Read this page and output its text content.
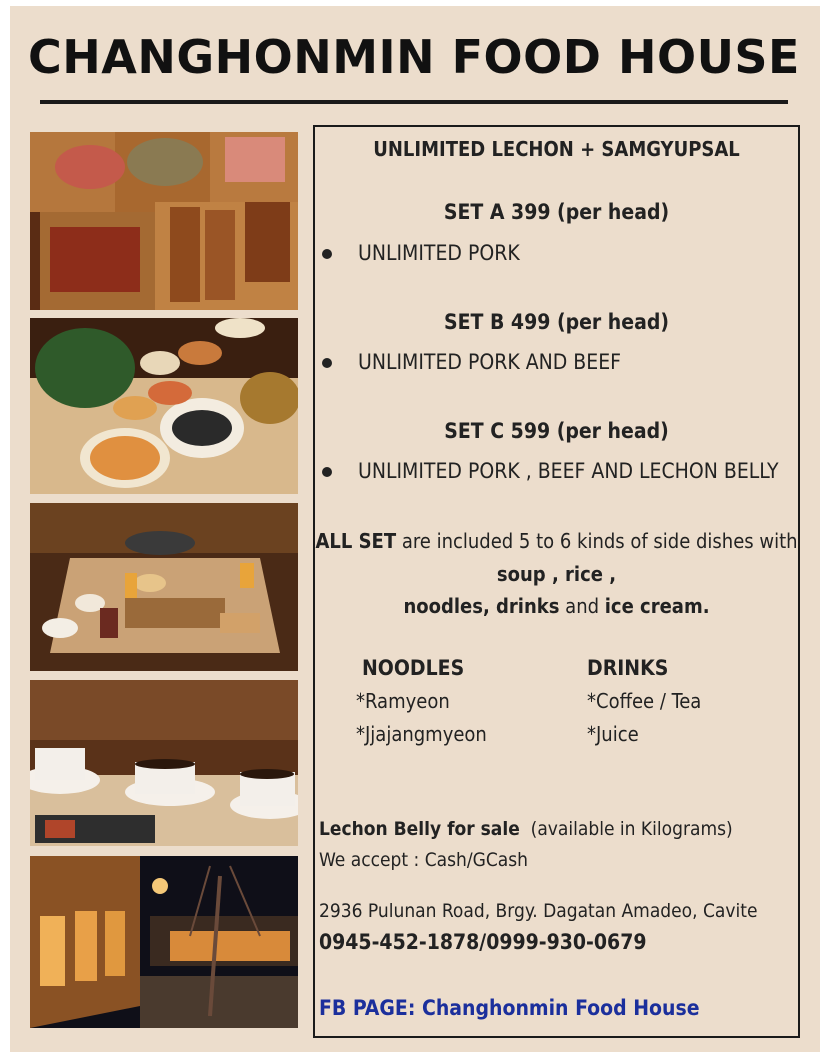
CHANGHONMIN FOOD HOUSE
UNLIMITED LECHON + SAMGYUPSAL
SET A 399 (per head)
UNLIMITED PORK
SET B 499 (per head)
UNLIMITED PORK AND BEEF
SET C 599 (per head)
UNLIMITED PORK , BEEF AND LECHON BELLY
ALL SET are included 5 to 6 kinds of side dishes with
soup , rice ,
noodles, drinks and ice cream.
NOODLES
*Ramyeon
*Jjajangmyeon
DRINKS
*Coffee / Tea
*Juice
Lechon Belly for sale (available in Kilograms)
We accept : Cash/GCash
2936 Pulunan Road, Brgy. Dagatan Amadeo, Cavite
0945-452-1878/0999-930-0679
FB PAGE: Changhonmin Food House
